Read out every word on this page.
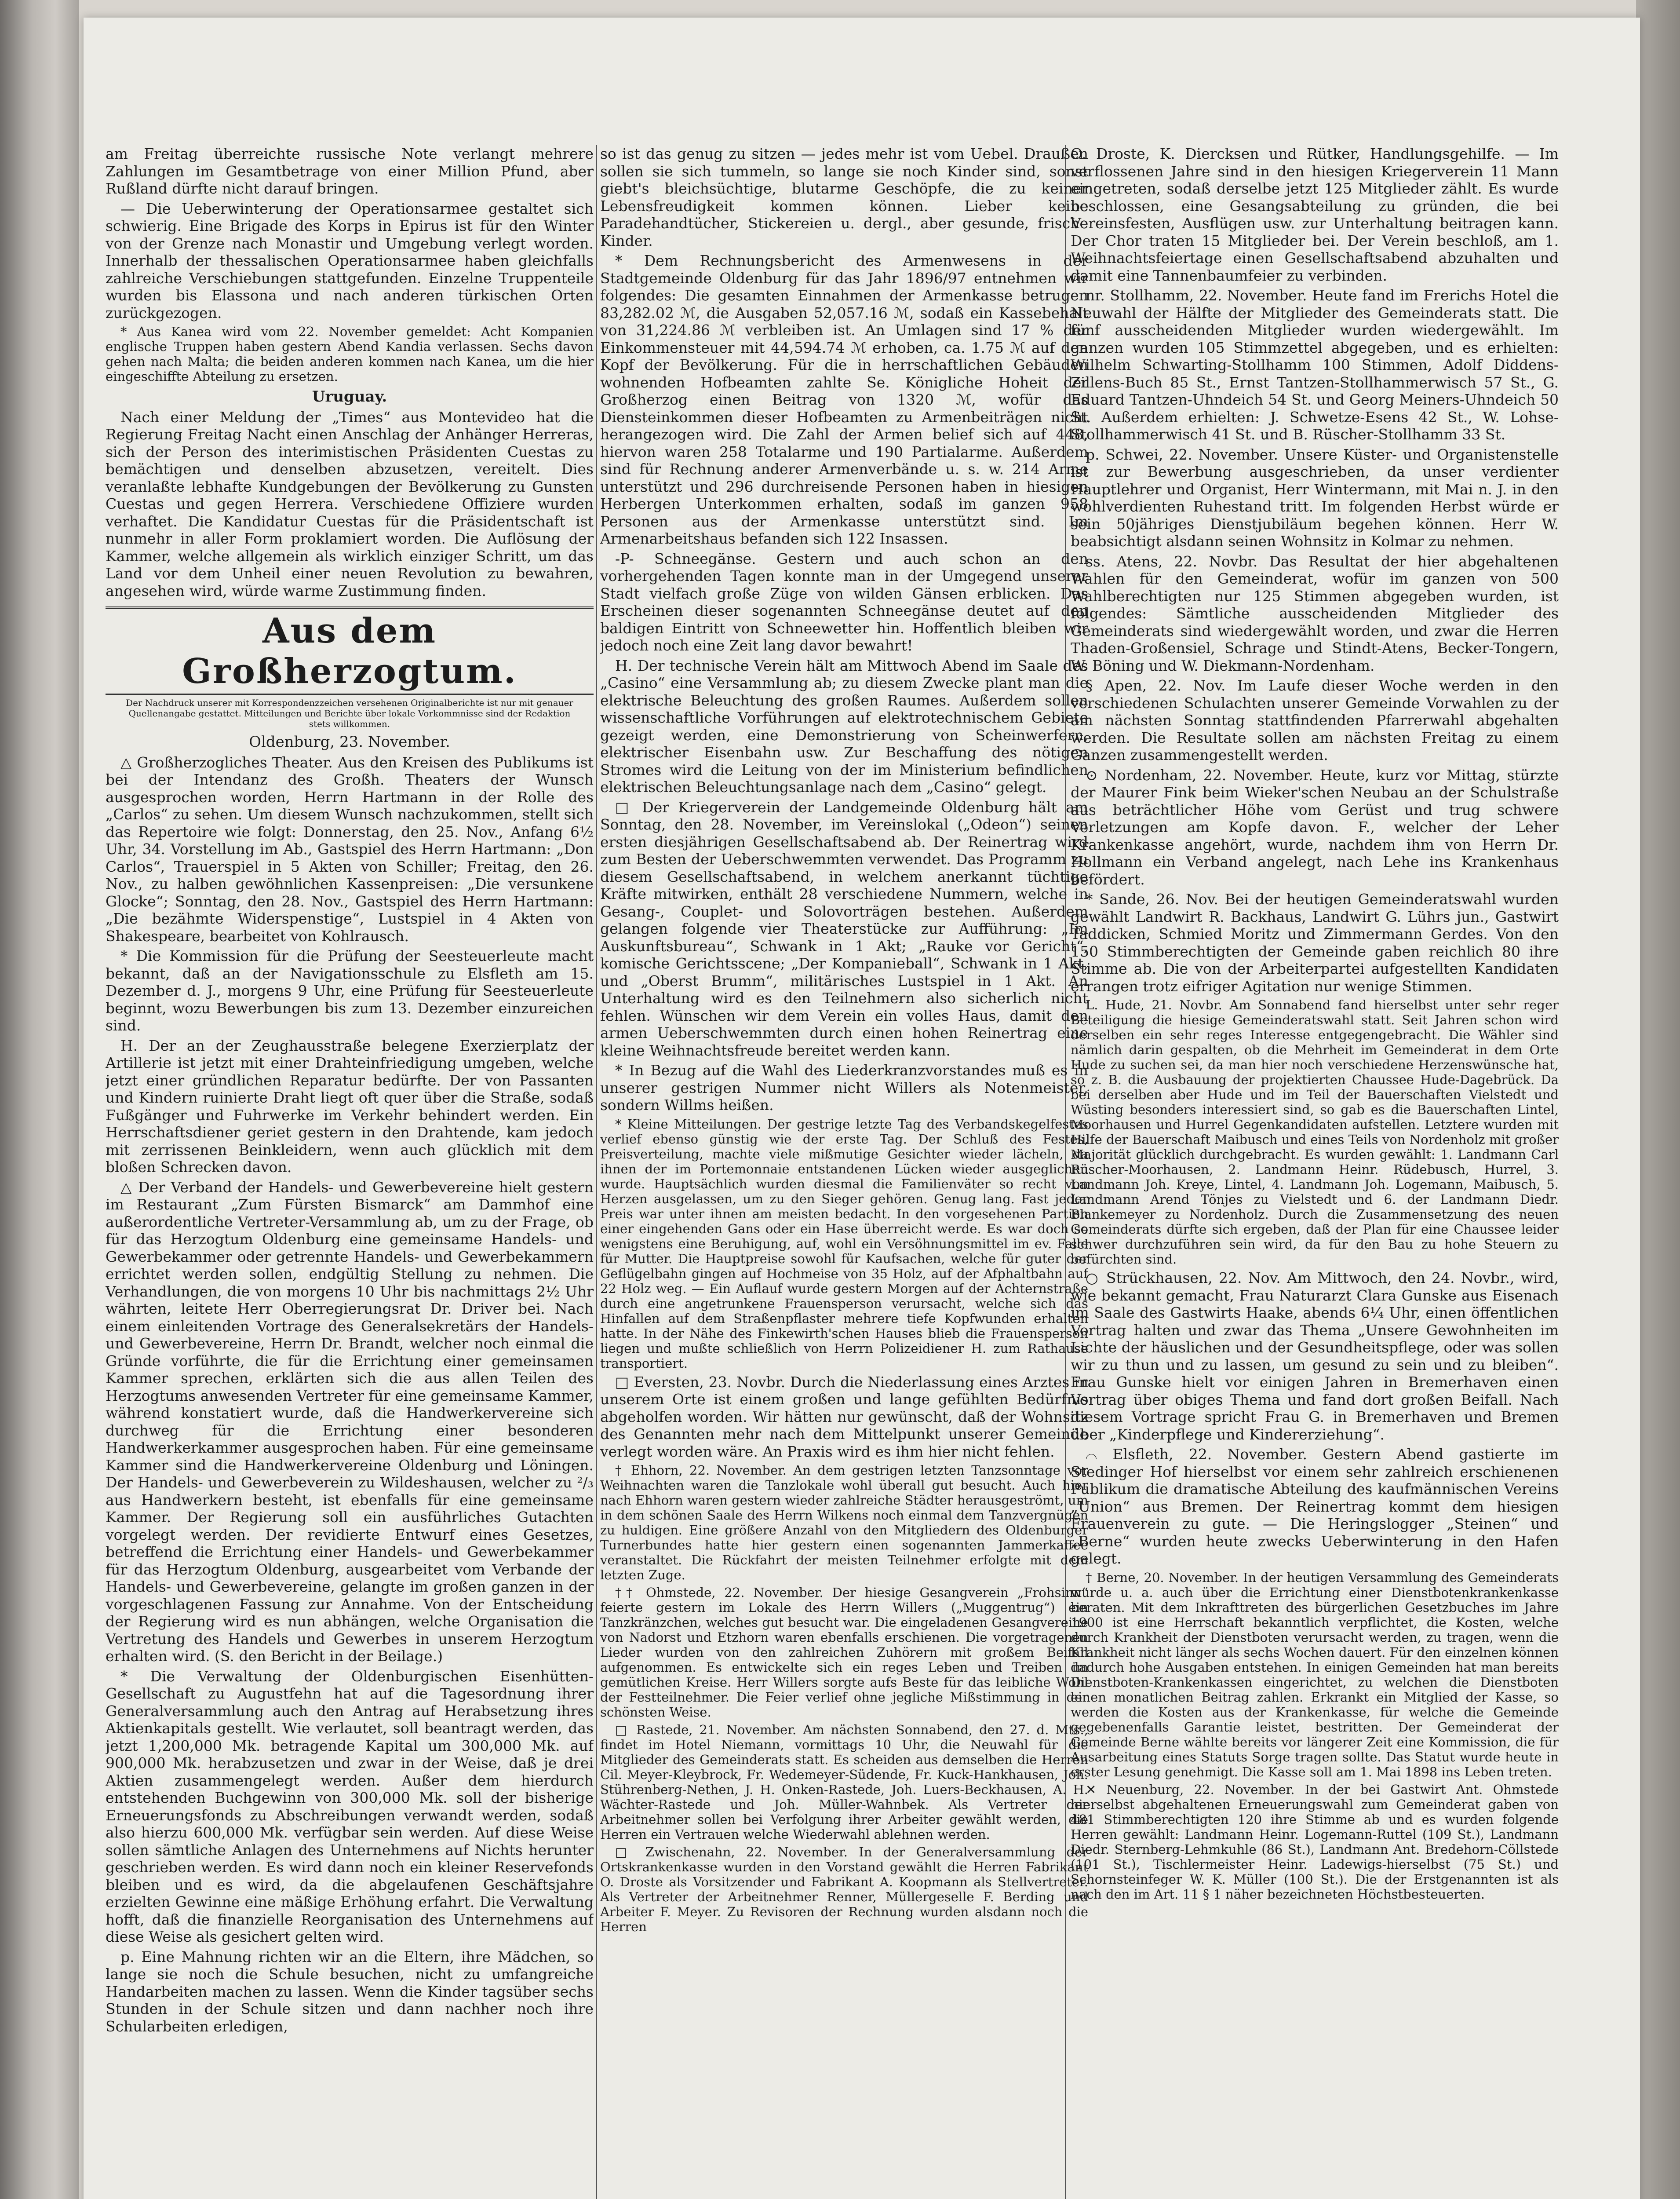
am Freitag überreichte russische Note verlangt mehrere Zahlungen im Gesamtbetrage von einer Million Pfund, aber Rußland dürfte nicht darauf bringen.

— Die Ueberwinterung der Operationsarmee gestaltet sich schwierig. Eine Brigade des Korps in Epirus ist für den Winter von der Grenze nach Monastir und Umgebung verlegt worden. Innerhalb der thessalischen Operationsarmee haben gleichfalls zahlreiche Verschiebungen stattgefunden. Einzelne Truppenteile wurden bis Elassona und nach anderen türkischen Orten zurückgezogen.

* Aus Kanea wird vom 22. November gemeldet: Acht Kompanien englische Truppen haben gestern Abend Kandia verlassen. Sechs davon gehen nach Malta; die beiden anderen kommen nach Kanea, um die hier eingeschiffte Abteilung zu ersetzen.

Uruguay.

Nach einer Meldung der „Times“ aus Montevideo hat die Regierung Freitag Nacht einen Anschlag der Anhänger Herreras, sich der Person des interimistischen Präsidenten Cuestas zu bemächtigen und denselben abzusetzen, vereitelt. Dies veranlaßte lebhafte Kundgebungen der Bevölkerung zu Gunsten Cuestas und gegen Herrera. Verschiedene Offiziere wurden verhaftet. Die Kandidatur Cuestas für die Präsidentschaft ist nunmehr in aller Form proklamiert worden. Die Auflösung der Kammer, welche allgemein als wirklich einziger Schritt, um das Land vor dem Unheil einer neuen Revolution zu bewahren, angesehen wird, würde warme Zustimmung finden.

Aus dem Großherzogtum.
Der Nachdruck unserer mit Korrespondenzzeichen versehenen Originalberichte ist nur mit genauer Quellenangabe gestattet. Mitteilungen und Berichte über lokale Vorkommnisse sind der Redaktion stets willkommen.
Oldenburg, 23. November.

△ Großherzogliches Theater. Aus den Kreisen des Publikums ist bei der Intendanz des Großh. Theaters der Wunsch ausgesprochen worden, Herrn Hartmann in der Rolle des „Carlos“ zu sehen. Um diesem Wunsch nachzukommen, stellt sich das Repertoire wie folgt: Donnerstag, den 25. Nov., Anfang 6½ Uhr, 34. Vorstellung im Ab., Gastspiel des Herrn Hartmann: „Don Carlos“, Trauerspiel in 5 Akten von Schiller; Freitag, den 26. Nov., zu halben gewöhnlichen Kassenpreisen: „Die versunkene Glocke“; Sonntag, den 28. Nov., Gastspiel des Herrn Hartmann: „Die bezähmte Widerspenstige“, Lustspiel in 4 Akten von Shakespeare, bearbeitet von Kohlrausch.

* Die Kommission für die Prüfung der Seesteuerleute macht bekannt, daß an der Navigationsschule zu Elsfleth am 15. Dezember d. J., morgens 9 Uhr, eine Prüfung für Seesteuerleute beginnt, wozu Bewerbungen bis zum 13. Dezember einzureichen sind.

H. Der an der Zeughausstraße belegene Exerzierplatz der Artillerie ist jetzt mit einer Drahteinfriedigung umgeben, welche jetzt einer gründlichen Reparatur bedürfte. Der von Passanten und Kindern ruinierte Draht liegt oft quer über die Straße, sodaß Fußgänger und Fuhrwerke im Verkehr behindert werden. Ein Herrschaftsdiener geriet gestern in den Drahtende, kam jedoch mit zerrissenen Beinkleidern, wenn auch glücklich mit dem bloßen Schrecken davon.

△ Der Verband der Handels- und Gewerbevereine hielt gestern im Restaurant „Zum Fürsten Bismarck“ am Dammhof eine außerordentliche Vertreter-Versammlung ab, um zu der Frage, ob für das Herzogtum Oldenburg eine gemeinsame Handels- und Gewerbekammer oder getrennte Handels- und Gewerbekammern errichtet werden sollen, endgültig Stellung zu nehmen. Die Verhandlungen, die von morgens 10 Uhr bis nachmittags 2½ Uhr währten, leitete Herr Oberregierungsrat Dr. Driver bei. Nach einem einleitenden Vortrage des Generalsekretärs der Handels- und Gewerbevereine, Herrn Dr. Brandt, welcher noch einmal die Gründe vorführte, die für die Errichtung einer gemeinsamen Kammer sprechen, erklärten sich die aus allen Teilen des Herzogtums anwesenden Vertreter für eine gemeinsame Kammer, während konstatiert wurde, daß die Handwerkervereine sich durchweg für die Errichtung einer besonderen Handwerkerkammer ausgesprochen haben. Für eine gemeinsame Kammer sind die Handwerkervereine Oldenburg und Löningen. Der Handels- und Gewerbeverein zu Wildeshausen, welcher zu ²/₃ aus Handwerkern besteht, ist ebenfalls für eine gemeinsame Kammer. Der Regierung soll ein ausführliches Gutachten vorgelegt werden. Der revidierte Entwurf eines Gesetzes, betreffend die Errichtung einer Handels- und Gewerbekammer für das Herzogtum Oldenburg, ausgearbeitet vom Verbande der Handels- und Gewerbevereine, gelangte im großen ganzen in der vorgeschlagenen Fassung zur Annahme. Von der Entscheidung der Regierung wird es nun abhängen, welche Organisation die Vertretung des Handels und Gewerbes in unserem Herzogtum erhalten wird. (S. den Bericht in der Beilage.)

* Die Verwaltung der Oldenburgischen Eisenhütten-Gesellschaft zu Augustfehn hat auf die Tagesordnung ihrer Generalversammlung auch den Antrag auf Herabsetzung ihres Aktienkapitals gestellt. Wie verlautet, soll beantragt werden, das jetzt 1,200,000 Mk. betragende Kapital um 300,000 Mk. auf 900,000 Mk. herabzusetzen und zwar in der Weise, daß je drei Aktien zusammengelegt werden. Außer dem hierdurch entstehenden Buchgewinn von 300,000 Mk. soll der bisherige Erneuerungsfonds zu Abschreibungen verwandt werden, sodaß also hierzu 600,000 Mk. verfügbar sein werden. Auf diese Weise sollen sämtliche Anlagen des Unternehmens auf Nichts herunter geschrieben werden. Es wird dann noch ein kleiner Reservefonds bleiben und es wird, da die abgelaufenen Geschäftsjahre erzielten Gewinne eine mäßige Erhöhung erfahrt. Die Verwaltung hofft, daß die finanzielle Reorganisation des Unternehmens auf diese Weise als gesichert gelten wird.

p. Eine Mahnung richten wir an die Eltern, ihre Mädchen, so lange sie noch die Schule besuchen, nicht zu umfangreiche Handarbeiten machen zu lassen. Wenn die Kinder tagsüber sechs Stunden in der Schule sitzen und dann nachher noch ihre Schularbeiten erledigen,

so ist das genug zu sitzen — jedes mehr ist vom Uebel. Draußen sollen sie sich tummeln, so lange sie noch Kinder sind, sonst giebt's bleichsüchtige, blutarme Geschöpfe, die zu keiner Lebensfreudigkeit kommen können. Lieber keine Paradehandtücher, Stickereien u. dergl., aber gesunde, frische Kinder.

* Dem Rechnungsbericht des Armenwesens in der Stadtgemeinde Oldenburg für das Jahr 1896/97 entnehmen wir folgendes: Die gesamten Einnahmen der Armenkasse betrugen 83,282.02 ℳ, die Ausgaben 52,057.16 ℳ, sodaß ein Kassebehalt von 31,224.86 ℳ verbleiben ist. An Umlagen sind 17 % der Einkommensteuer mit 44,594.74 ℳ erhoben, ca. 1.75 ℳ auf den Kopf der Bevölkerung. Für die in herrschaftlichen Gebäuden wohnenden Hofbeamten zahlte Se. Königliche Hoheit der Großherzog einen Beitrag von 1320 ℳ, wofür das Diensteinkommen dieser Hofbeamten zu Armenbeiträgen nicht herangezogen wird. Die Zahl der Armen belief sich auf 448, hiervon waren 258 Totalarme und 190 Partialarme. Außerdem sind für Rechnung anderer Armenverbände u. s. w. 214 Arme unterstützt und 296 durchreisende Personen haben in hiesigen Herbergen Unterkommen erhalten, sodaß im ganzen 958 Personen aus der Armenkasse unterstützt sind. Im Armenarbeitshaus befanden sich 122 Insassen.

-P- Schneegänse. Gestern und auch schon an den vorhergehenden Tagen konnte man in der Umgegend unserer Stadt vielfach große Züge von wilden Gänsen erblicken. Das Erscheinen dieser sogenannten Schneegänse deutet auf den baldigen Eintritt von Schneewetter hin. Hoffentlich bleiben wir jedoch noch eine Zeit lang davor bewahrt!

H. Der technische Verein hält am Mittwoch Abend im Saale des „Casino“ eine Versammlung ab; zu diesem Zwecke plant man die elektrische Beleuchtung des großen Raumes. Außerdem sollen wissenschaftliche Vorführungen auf elektrotechnischem Gebiete gezeigt werden, eine Demonstrierung von Scheinwerfern, elektrischer Eisenbahn usw. Zur Beschaffung des nötigen Stromes wird die Leitung von der im Ministerium befindlichen elektrischen Beleuchtungsanlage nach dem „Casino“ gelegt.

□ Der Kriegerverein der Landgemeinde Oldenburg hält am Sonntag, den 28. November, im Vereinslokal („Odeon“) seinen ersten diesjährigen Gesellschaftsabend ab. Der Reinertrag wird zum Besten der Ueberschwemmten verwendet. Das Programm zu diesem Gesellschaftsabend, in welchem anerkannt tüchtige Kräfte mitwirken, enthält 28 verschiedene Nummern, welche in Gesang-, Couplet- und Solovorträgen bestehen. Außerdem gelangen folgende vier Theaterstücke zur Aufführung: „Im Auskunftsbureau“, Schwank in 1 Akt; „Rauke vor Gericht“, komische Gerichtsscene; „Der Kompanieball“, Schwank in 1 Akt, und „Oberst Brumm“, militärisches Lustspiel in 1 Akt. An Unterhaltung wird es den Teilnehmern also sicherlich nicht fehlen. Wünschen wir dem Verein ein volles Haus, damit den armen Ueberschwemmten durch einen hohen Reinertrag eine kleine Weihnachtsfreude bereitet werden kann.

* In Bezug auf die Wahl des Liederkranzvorstandes muß es in unserer gestrigen Nummer nicht Willers als Notenmeister, sondern Willms heißen.

* Kleine Mitteilungen. Der gestrige letzte Tag des Verbandskegelfestes verlief ebenso günstig wie der erste Tag. Der Schluß des Festes, Preisverteilung, machte viele mißmutige Gesichter wieder lächeln, da ihnen der im Portemonnaie entstandenen Lücken wieder ausgeglichen wurde. Hauptsächlich wurden diesmal die Familienväter so recht von Herzen ausgelassen, um zu den Sieger gehören. Genug lang. Fast jeder Preis war unter ihnen am meisten bedacht. In den vorgesehenen Partien einer eingehenden Gans oder ein Hase überreicht werde. Es war doch so wenigstens eine Beruhigung, auf, wohl ein Versöhnungsmittel im ev. Falle für Mutter. Die Hauptpreise sowohl für Kaufsachen, welche für guter der Geflügelbahn gingen auf Hochmeise von 35 Holz, auf der Afphaltbahn auf 22 Holz weg. — Ein Auflauf wurde gestern Morgen auf der Achternstraße durch eine angetrunkene Frauensperson verursacht, welche sich das Hinfallen auf dem Straßenpflaster mehrere tiefe Kopfwunden erhalten hatte. In der Nähe des Finkewirth'schen Hauses blieb die Frauensperson liegen und mußte schließlich von Herrn Polizeidiener H. zum Rathause transportiert.

□ Eversten, 23. Novbr. Durch die Niederlassung eines Arztes in unserem Orte ist einem großen und lange gefühlten Bedürfnis abgeholfen worden. Wir hätten nur gewünscht, daß der Wohnsitz des Genannten mehr nach dem Mittelpunkt unserer Gemeinde verlegt worden wäre. An Praxis wird es ihm hier nicht fehlen.

† Ehhorn, 22. November. An dem gestrigen letzten Tanzsonntage vor Weihnachten waren die Tanzlokale wohl überall gut besucht. Auch hier nach Ehhorn waren gestern wieder zahlreiche Städter herausgeströmt, um in dem schönen Saale des Herrn Wilkens noch einmal dem Tanzvergnügen zu huldigen. Eine größere Anzahl von den Mitgliedern des Oldenburger Turnerbundes hatte hier gestern einen sogenannten Jammerkaffee veranstaltet. Die Rückfahrt der meisten Teilnehmer erfolgte mit dem letzten Zuge.

†† Ohmstede, 22. November. Der hiesige Gesangverein „Frohsinn“ feierte gestern im Lokale des Herrn Willers („Muggentrug“) ein Tanzkränzchen, welches gut besucht war. Die eingeladenen Gesangvereine von Nadorst und Etzhorn waren ebenfalls erschienen. Die vorgetragenen Lieder wurden von den zahlreichen Zuhörern mit großem Beifall aufgenommen. Es entwickelte sich ein reges Leben und Treiben im gemütlichen Kreise. Herr Willers sorgte aufs Beste für das leibliche Wohl der Festteilnehmer. Die Feier verlief ohne jegliche Mißstimmung in der schönsten Weise.

□ Rastede, 21. November. Am nächsten Sonnabend, den 27. d. Mts., findet im Hotel Niemann, vormittags 10 Uhr, die Neuwahl für die Mitglieder des Gemeinderats statt. Es scheiden aus demselben die Herren Cil. Meyer-Kleybrock, Fr. Wedemeyer-Südende, Fr. Kuck-Hankhausen, Joh. Stührenberg-Nethen, J. H. Onken-Rastede, Joh. Luers-Beckhausen, A. H. Wächter-Rastede und Joh. Müller-Wahnbek. Als Vertreter der Arbeitnehmer sollen bei Verfolgung ihrer Arbeiter gewählt werden, die Herren ein Vertrauen welche Wiederwahl ablehnen werden.

□ Zwischenahn, 22. November. In der Generalversammlung der Ortskrankenkasse wurden in den Vorstand gewählt die Herren Fabrikant O. Droste als Vorsitzender und Fabrikant A. Koopmann als Stellvertreter. Als Vertreter der Arbeitnehmer Renner, Müllergeselle F. Berding und Arbeiter F. Meyer. Zu Revisoren der Rechnung wurden alsdann noch die Herren

O. Droste, K. Diercksen und Rütker, Handlungsgehilfe. — Im verflossenen Jahre sind in den hiesigen Kriegerverein 11 Mann eingetreten, sodaß derselbe jetzt 125 Mitglieder zählt. Es wurde beschlossen, eine Gesangsabteilung zu gründen, die bei Vereinsfesten, Ausflügen usw. zur Unterhaltung beitragen kann. Der Chor traten 15 Mitglieder bei. Der Verein beschloß, am 1. Weihnachtsfeiertage einen Gesellschaftsabend abzuhalten und damit eine Tannenbaumfeier zu verbinden.

nr. Stollhamm, 22. November. Heute fand im Frerichs Hotel die Neuwahl der Hälfte der Mitglieder des Gemeinderats statt. Die fünf ausscheidenden Mitglieder wurden wiedergewählt. Im ganzen wurden 105 Stimmzettel abgegeben, und es erhielten: Wilhelm Schwarting-Stollhamm 100 Stimmen, Adolf Diddens-Zillens-Buch 85 St., Ernst Tantzen-Stollhammerwisch 57 St., G. Eduard Tantzen-Uhndeich 54 St. und Georg Meiners-Uhndeich 50 St. Außerdem erhielten: J. Schwetze-Esens 42 St., W. Lohse-Stollhammerwisch 41 St. und B. Rüscher-Stollhamm 33 St.

p. Schwei, 22. November. Unsere Küster- und Organistenstelle ist zur Bewerbung ausgeschrieben, da unser verdienter Hauptlehrer und Organist, Herr Wintermann, mit Mai n. J. in den wohlverdienten Ruhestand tritt. Im folgenden Herbst würde er sein 50jähriges Dienstjubiläum begehen können. Herr W. beabsichtigt alsdann seinen Wohnsitz in Kolmar zu nehmen.

ss. Atens, 22. Novbr. Das Resultat der hier abgehaltenen Wahlen für den Gemeinderat, wofür im ganzen von 500 Wahlberechtigten nur 125 Stimmen abgegeben wurden, ist folgendes: Sämtliche ausscheidenden Mitglieder des Gemeinderats sind wiedergewählt worden, und zwar die Herren Thaden-Großensiel, Schrage und Stindt-Atens, Becker-Tongern, W. Böning und W. Diekmann-Nordenham.

§ Apen, 22. Nov. Im Laufe dieser Woche werden in den verschiedenen Schulachten unserer Gemeinde Vorwahlen zu der am nächsten Sonntag stattfindenden Pfarrerwahl abgehalten werden. Die Resultate sollen am nächsten Freitag zu einem Ganzen zusammengestellt werden.

⊙ Nordenham, 22. November. Heute, kurz vor Mittag, stürzte der Maurer Fink beim Wieker'schen Neubau an der Schulstraße aus beträchtlicher Höhe vom Gerüst und trug schwere Verletzungen am Kopfe davon. F., welcher der Leher Krankenkasse angehört, wurde, nachdem ihm von Herrn Dr. Hollmann ein Verband angelegt, nach Lehe ins Krankenhaus befördert.

* Sande, 26. Nov. Bei der heutigen Gemeinderatswahl wurden gewählt Landwirt R. Backhaus, Landwirt G. Lührs jun., Gastwirt Taddicken, Schmied Moritz und Zimmermann Gerdes. Von den 150 Stimmberechtigten der Gemeinde gaben reichlich 80 ihre Stimme ab. Die von der Arbeiterpartei aufgestellten Kandidaten errangen trotz eifriger Agitation nur wenige Stimmen.

L. Hude, 21. Novbr. Am Sonnabend fand hierselbst unter sehr reger Beteiligung die hiesige Gemeinderatswahl statt. Seit Jahren schon wird derselben ein sehr reges Interesse entgegengebracht. Die Wähler sind nämlich darin gespalten, ob die Mehrheit im Gemeinderat in dem Orte Hude zu suchen sei, da man hier noch verschiedene Herzenswünsche hat, so z. B. die Ausbauung der projektierten Chaussee Hude-Dagebrück. Da bei derselben aber Hude und im Teil der Bauerschaften Vielstedt und Wüsting besonders interessiert sind, so gab es die Bauerschaften Lintel, Moorhausen und Hurrel Gegenkandidaten aufstellen. Letztere wurden mit Hilfe der Bauerschaft Maibusch und eines Teils von Nordenholz mit großer Majorität glücklich durchgebracht. Es wurden gewählt: 1. Landmann Carl Rüscher-Moorhausen, 2. Landmann Heinr. Rüdebusch, Hurrel, 3. Landmann Joh. Kreye, Lintel, 4. Landmann Joh. Logemann, Maibusch, 5. Landmann Arend Tönjes zu Vielstedt und 6. der Landmann Diedr. Blankemeyer zu Nordenholz. Durch die Zusammensetzung des neuen Gemeinderats dürfte sich ergeben, daß der Plan für eine Chaussee leider schwer durchzuführen sein wird, da für den Bau zu hohe Steuern zu befürchten sind.

○ Strückhausen, 22. Nov. Am Mittwoch, den 24. Novbr., wird, wie bekannt gemacht, Frau Naturarzt Clara Gunske aus Eisenach im Saale des Gastwirts Haake, abends 6¼ Uhr, einen öffentlichen Vortrag halten und zwar das Thema „Unsere Gewohnheiten im Lichte der häuslichen und der Gesundheitspflege, oder was sollen wir zu thun und zu lassen, um gesund zu sein und zu bleiben“. Frau Gunske hielt vor einigen Jahren in Bremerhaven einen Vortrag über obiges Thema und fand dort großen Beifall. Nach diesem Vortrage spricht Frau G. in Bremerhaven und Bremen über „Kinderpflege und Kindererziehung“.

⌓ Elsfleth, 22. November. Gestern Abend gastierte im Stedinger Hof hierselbst vor einem sehr zahlreich erschienenen Publikum die dramatische Abteilung des kaufmännischen Vereins „Union“ aus Bremen. Der Reinertrag kommt dem hiesigen Frauenverein zu gute. — Die Heringslogger „Steinen“ und „Berne“ wurden heute zwecks Ueberwinterung in den Hafen gelegt.

† Berne, 20. November. In der heutigen Versammlung des Gemeinderats wurde u. a. auch über die Errichtung einer Dienstbotenkrankenkasse beraten. Mit dem Inkrafttreten des bürgerlichen Gesetzbuches im Jahre 1900 ist eine Herrschaft bekanntlich verpflichtet, die Kosten, welche durch Krankheit der Dienstboten verursacht werden, zu tragen, wenn die Krankheit nicht länger als sechs Wochen dauert. Für den einzelnen können dadurch hohe Ausgaben entstehen. In einigen Gemeinden hat man bereits Dienstboten-Krankenkassen eingerichtet, zu welchen die Dienstboten einen monatlichen Beitrag zahlen. Erkrankt ein Mitglied der Kasse, so werden die Kosten aus der Krankenkasse, für welche die Gemeinde gegebenenfalls Garantie leistet, bestritten. Der Gemeinderat der Gemeinde Berne wählte bereits vor längerer Zeit eine Kommission, die für Ausarbeitung eines Statuts Sorge tragen sollte. Das Statut wurde heute in erster Lesung genehmigt. Die Kasse soll am 1. Mai 1898 ins Leben treten.

✕ Neuenburg, 22. November. In der bei Gastwirt Ant. Ohmstede hierselbst abgehaltenen Erneuerungswahl zum Gemeinderat gaben von 481 Stimmberechtigten 120 ihre Stimme ab und es wurden folgende Herren gewählt: Landmann Heinr. Logemann-Ruttel (109 St.), Landmann Diedr. Sternberg-Lehmkuhle (86 St.), Landmann Ant. Bredehorn-Cöllstede (101 St.), Tischlermeister Heinr. Ladewigs-hierselbst (75 St.) und Schornsteinfeger W. K. Müller (100 St.). Die der Erstgenannten ist als nach den im Art. 11 § 1 näher bezeichneten Höchstbesteuerten.
